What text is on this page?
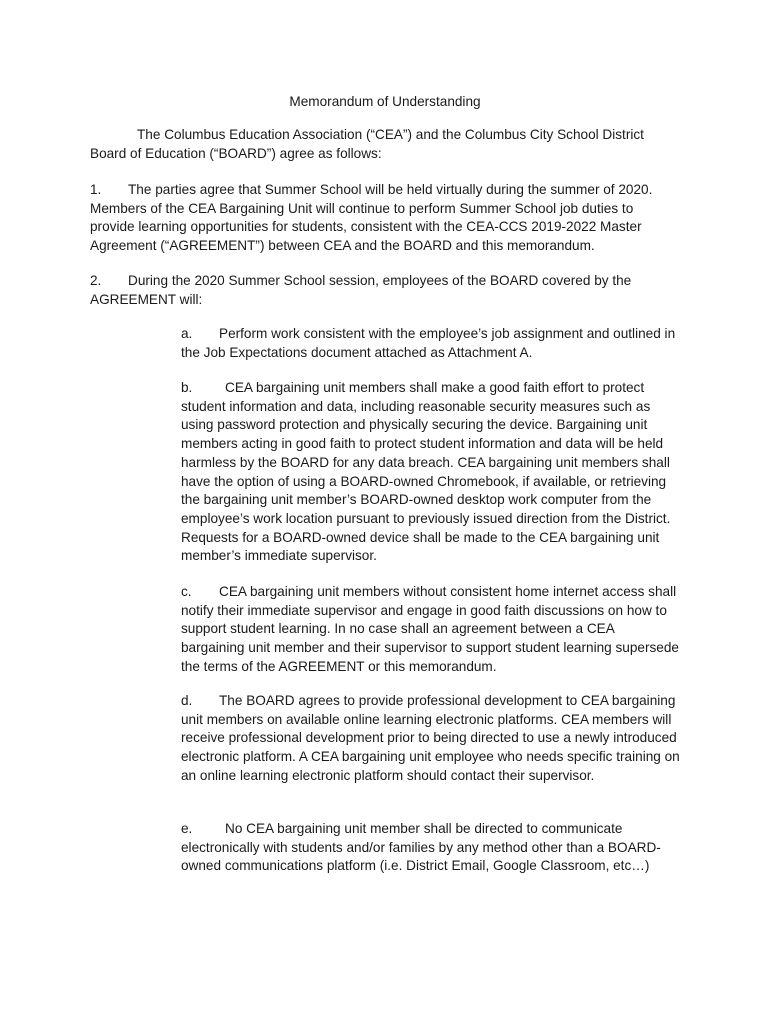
Memorandum of Understanding

The Columbus Education Association (“CEA”) and the Columbus City School District Board of Education (“BOARD”) agree as follows:

1. The parties agree that Summer School will be held virtually during the summer of 2020. Members of the CEA Bargaining Unit will continue to perform Summer School job duties to provide learning opportunities for students, consistent with the CEA-CCS 2019-2022 Master Agreement (“AGREEMENT”) between CEA and the BOARD and this memorandum.

2. During the 2020 Summer School session, employees of the BOARD covered by the AGREEMENT will:

a. Perform work consistent with the employee’s job assignment and outlined in the Job Expectations document attached as Attachment A.

b. CEA bargaining unit members shall make a good faith effort to protect student information and data, including reasonable security measures such as using password protection and physically securing the device. Bargaining unit members acting in good faith to protect student information and data will be held harmless by the BOARD for any data breach. CEA bargaining unit members shall have the option of using a BOARD-owned Chromebook, if available, or retrieving the bargaining unit member’s BOARD-owned desktop work computer from the employee’s work location pursuant to previously issued direction from the District. Requests for a BOARD-owned device shall be made to the CEA bargaining unit member’s immediate supervisor.

c. CEA bargaining unit members without consistent home internet access shall notify their immediate supervisor and engage in good faith discussions on how to support student learning. In no case shall an agreement between a CEA bargaining unit member and their supervisor to support student learning supersede the terms of the AGREEMENT or this memorandum.

d. The BOARD agrees to provide professional development to CEA bargaining unit members on available online learning electronic platforms. CEA members will receive professional development prior to being directed to use a newly introduced electronic platform. A CEA bargaining unit employee who needs specific training on an online learning electronic platform should contact their supervisor.

e. No CEA bargaining unit member shall be directed to communicate electronically with students and/or families by any method other than a BOARD-owned communications platform (i.e. District Email, Google Classroom, etc…)
